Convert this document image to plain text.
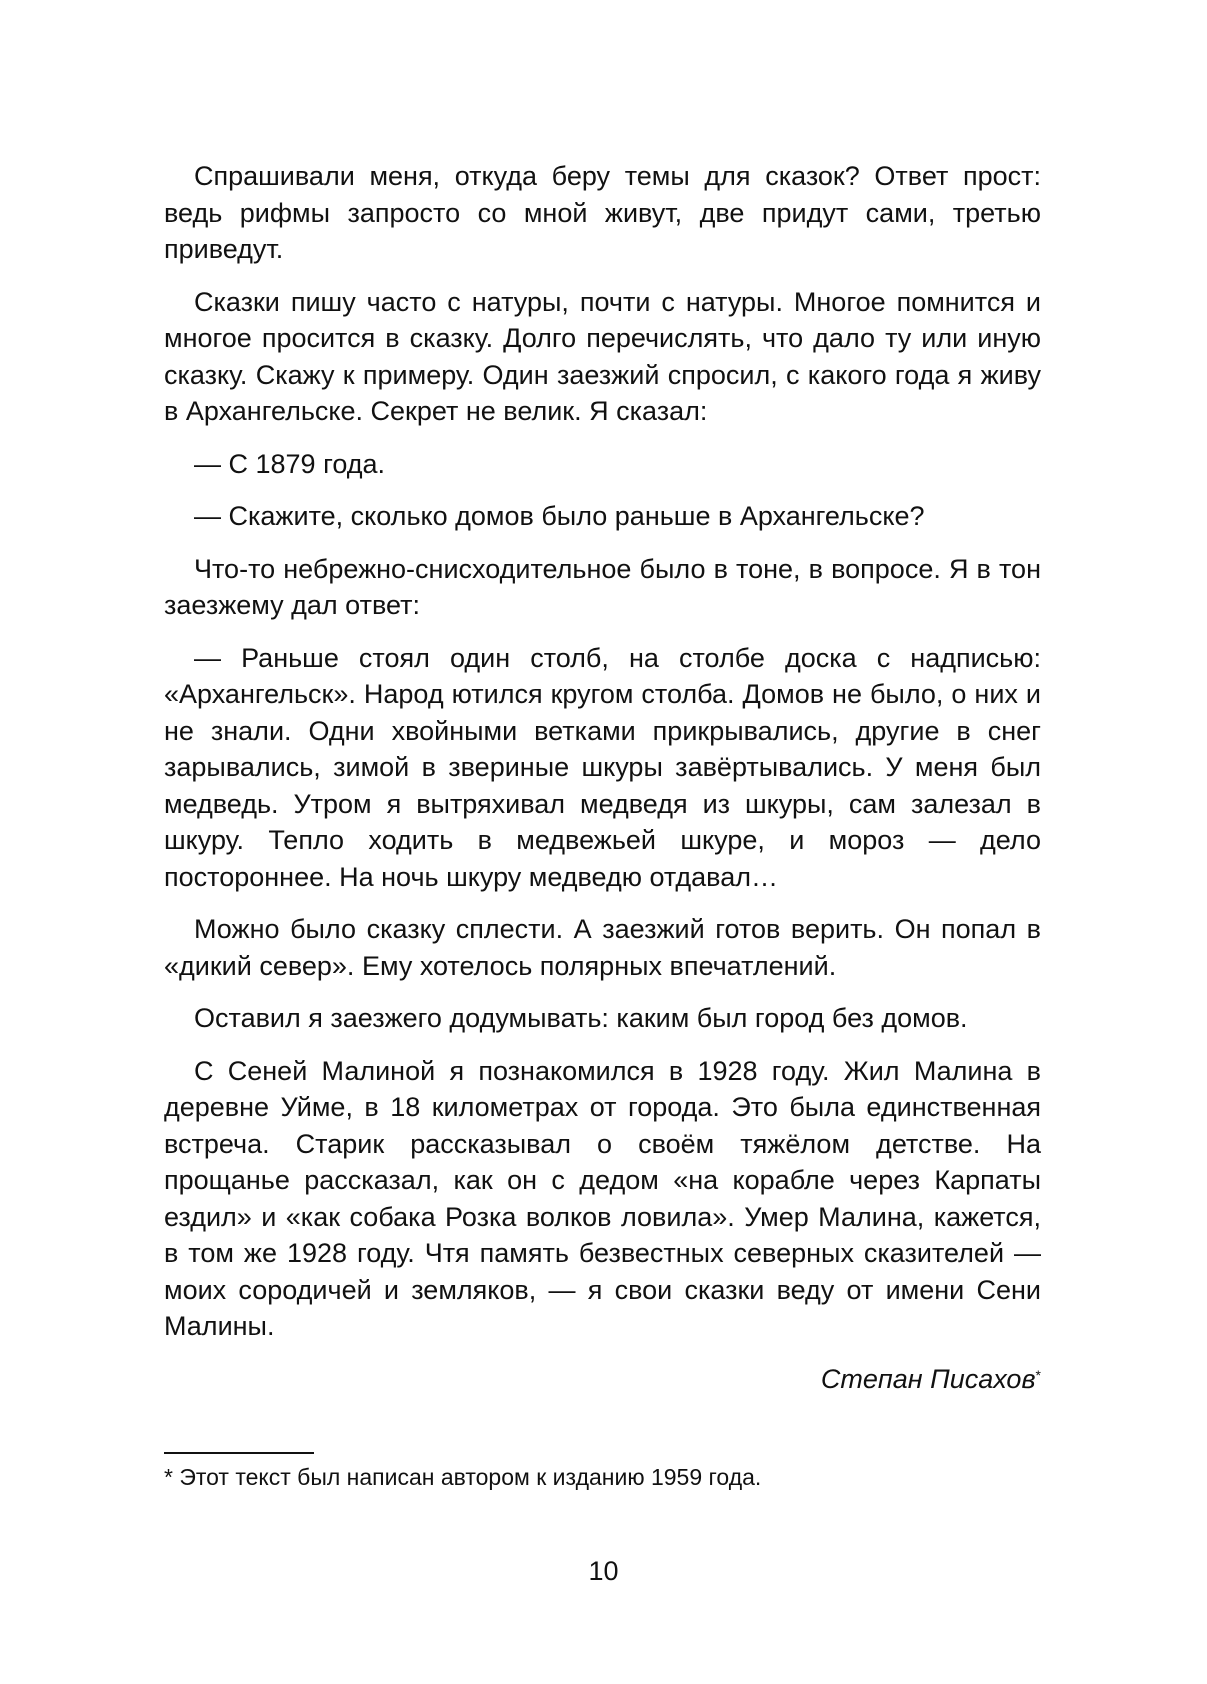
Спрашивали меня, откуда беру темы для сказок? Ответ прост: ведь рифмы запросто со мной живут, две придут сами, третью приведут.

Сказки пишу часто с натуры, почти с натуры. Многое помнится и многое просится в сказку. Долго перечислять, что дало ту или иную сказку. Скажу к примеру. Один заезжий спросил, с какого года я живу в Архангельске. Секрет не велик. Я сказал:

— С 1879 года.

— Скажите, сколько домов было раньше в Архангельске?

Что-то небрежно-снисходительное было в тоне, в вопросе. Я в тон заезжему дал ответ:

— Раньше стоял один столб, на столбе доска с надписью: «Архангельск». Народ ютился кругом столба. Домов не было, о них и не знали. Одни хвойными ветками прикрывались, другие в снег зарывались, зимой в звериные шкуры завёртывались. У меня был медведь. Утром я вытряхивал медведя из шкуры, сам залезал в шкуру. Тепло ходить в медвежьей шкуре, и мороз — дело постороннее. На ночь шкуру медведю отдавал…

Можно было сказку сплести. А заезжий готов верить. Он попал в «дикий север». Ему хотелось полярных впечатлений.

Оставил я заезжего додумывать: каким был город без домов.

С Сеней Малиной я познакомился в 1928 году. Жил Малина в деревне Уйме, в 18 километрах от города. Это была единственная встреча. Старик рассказывал о своём тяжёлом детстве. На прощанье рассказал, как он с дедом «на корабле через Карпаты ездил» и «как собака Розка волков ловила». Умер Малина, кажется, в том же 1928 году. Чтя память безвестных северных сказителей — моих сородичей и земляков, — я свои сказки веду от имени Сени Малины.

Степан Писахов*

* Этот текст был написан автором к изданию 1959 года.

10
